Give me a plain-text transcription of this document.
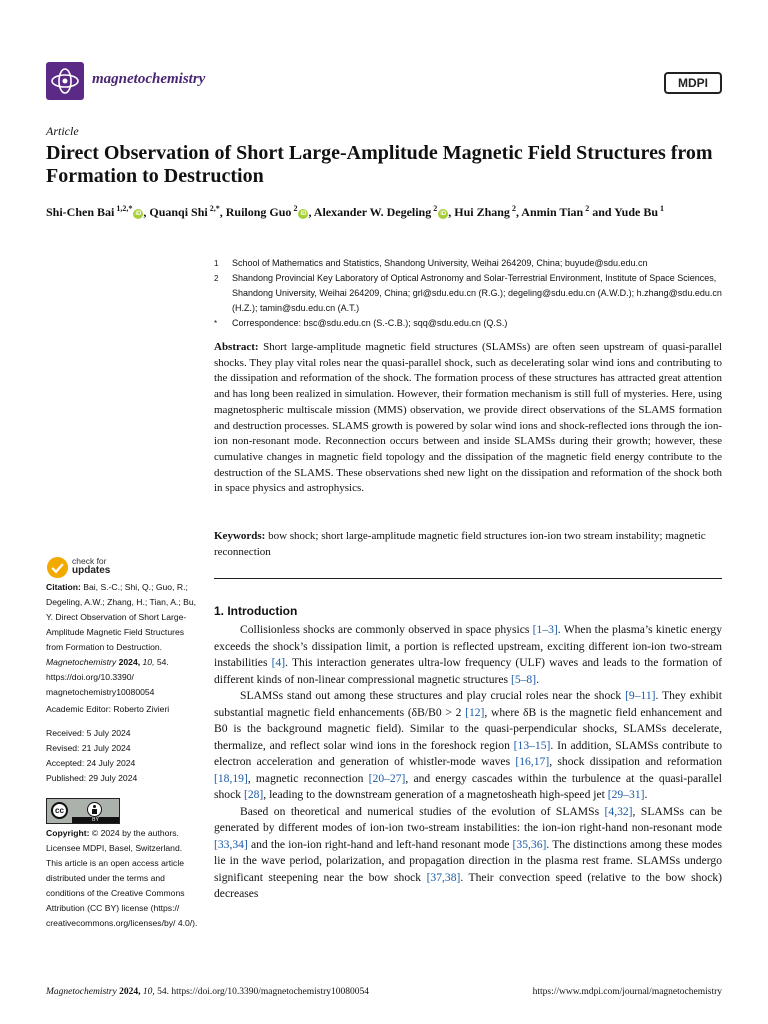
magnetochemistry	MDPI
Article
Direct Observation of Short Large-Amplitude Magnetic Field Structures from Formation to Destruction
Shi-Chen Bai $^{1,2,*}$iD , Quanqi Shi $^{2,*}$, Ruilong Guo $^2$iD , Alexander W. Degeling $^2$iD , Hui Zhang $^2$, Anmin Tian $^2$ and Yude Bu $^1$
1	School of Mathematics and Statistics, Shandong University, Weihai 264209, China; buyude@sdu.edu.cn
2	Shandong Provincial Key Laboratory of Optical Astronomy and Solar-Terrestrial Environment, Institute of Space Sciences, Shandong University, Weihai 264209, China; grl@sdu.edu.cn (R.G.); degeling@sdu.edu.cn (A.W.D.); h.zhang@sdu.edu.cn (H.Z.); tamin@sdu.edu.cn (A.T.)
*	Correspondence: bsc@sdu.edu.cn (S.-C.B.); sqq@sdu.edu.cn (Q.S.)
Abstract: Short large-amplitude magnetic field structures (SLAMSs) are often seen upstream of quasi-parallel shocks. They play vital roles near the quasi-parallel shock, such as decelerating solar wind ions and contributing to the dissipation and reformation of the shock. The formation process of these structures has attracted great attention and has long been realized in simulation. However, their formation mechanism is still full of mysteries. Here, using magnetospheric multiscale mission (MMS) observation, we provide direct observations of the SLAMS formation and destruction processes. SLAMS growth is powered by solar wind ions and shock-reflected ions through the ion-ion non-resonant mode. Reconnection occurs between and inside SLAMSs during their growth; however, these cumulative changes in magnetic field topology and the dissipation of the magnetic field energy contribute to the destruction of the SLAMS. These observations shed new light on the dissipation and reformation of the shock both in space physics and astrophysics.
Keywords: bow shock; short large-amplitude magnetic field structures ion-ion two stream instability; magnetic reconnection
check for
updates
Citation: Bai, S.-C.; Shi, Q.; Guo, R.; Degeling, A.W.; Zhang, H.; Tian, A.; Bu, Y. Direct Observation of Short Large-Amplitude Magnetic Field Structures from Formation to Destruction. Magnetochemistry 2024, 10, 54. https://doi.org/10.3390/ magnetochemistry10080054
Academic Editor: Roberto Zivieri
Received: 5 July 2024
Revised: 21 July 2024
Accepted: 24 July 2024
Published: 29 July 2024
cc
$^{BY}$
Copyright: © 2024 by the authors. Licensee MDPI, Basel, Switzerland. This article is an open access article distributed under the terms and conditions of the Creative Commons Attribution (CC BY) license (https:// creativecommons.org/licenses/by/ 4.0/).
1. Introduction

Collisionless shocks are commonly observed in space physics [1–3]. When the plasma’s kinetic energy exceeds the shock’s dissipation limit, a portion is reflected upstream, exciting different ion-ion two-stream instabilities [4]. This interaction generates ultra-low frequency (ULF) waves and leads to the formation of different kinds of non-linear compressional magnetic structures [5–8].

SLAMSs stand out among these structures and play crucial roles near the shock [9–11]. They exhibit substantial magnetic field enhancements (δB/B0 > 2 [12], where δB is the magnetic field enhancement and B0 is the background magnetic field). Similar to the quasi-perpendicular shocks, SLAMSs decelerate, thermalize, and reflect solar wind ions in the foreshock region [13–15]. In addition, SLAMSs contribute to electron acceleration and generation of whistler-mode waves [16,17], shock dissipation and reformation [18,19], magnetic reconnection [20–27], and energy cascades within the turbulence at the quasi-parallel shock [28], leading to the downstream generation of a magnetosheath high-speed jet [29–31].

Based on theoretical and numerical studies of the evolution of SLAMSs [4,32], SLAMSs can be generated by different modes of ion-ion two-stream instabilities: the ion-ion right-hand non-resonant mode [33,34] and the ion-ion right-hand and left-hand resonant mode [35,36]. The distinctions among these modes lie in the wave period, polarization, and propagation direction in the plasma rest frame. SLAMSs undergo significant steepening near the bow shock [37,38]. Their convection speed (relative to the bow shock) decreases

Magnetochemistry 2024, 10, 54. https://doi.org/10.3390/magnetochemistry10080054	https://www.mdpi.com/journal/magnetochemistry
